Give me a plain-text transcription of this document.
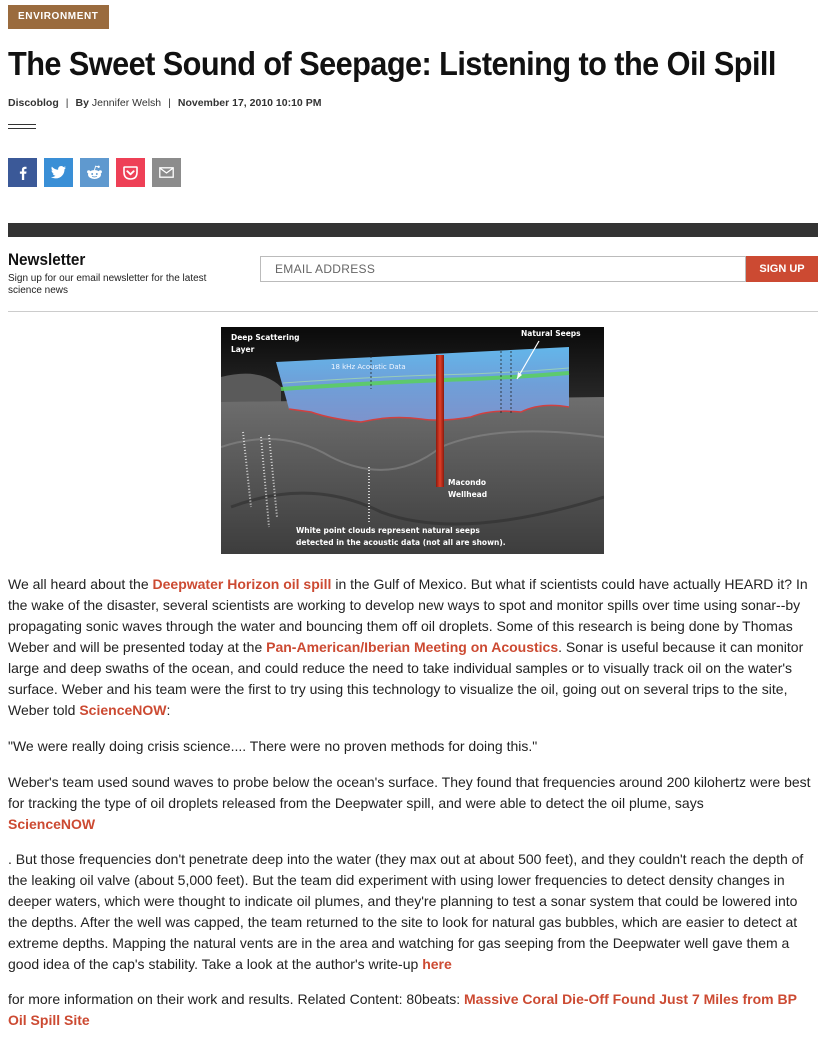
ENVIRONMENT
The Sweet Sound of Seepage: Listening to the Oil Spill
Discoblog | By Jennifer Welsh | November 17, 2010 10:10 PM
Newsletter
Sign up for our email newsletter for the latest science news
EMAIL ADDRESS
SIGN UP
Deep Scattering
Layer
Natural Seeps
Macondo
Wellhead
White point clouds represent natural seeps
detected in the acoustic data (not all are shown).
18 kHz Acoustic Data

We all heard about the Deepwater Horizon oil spill in the Gulf of Mexico. But what if scientists could have actually HEARD it? In the wake of the disaster, several scientists are working to develop new ways to spot and monitor spills over time using sonar--by propagating sonic waves through the water and bouncing them off oil droplets. Some of this research is being done by Thomas Weber and will be presented today at the Pan-American/Iberian Meeting on Acoustics. Sonar is useful because it can monitor large and deep swaths of the ocean, and could reduce the need to take individual samples or to visually track oil on the water's surface. Weber and his team were the first to try using this technology to visualize the oil, going out on several trips to the site, Weber told ScienceNOW:

"We were really doing crisis science.... There were no proven methods for doing this."

Weber's team used sound waves to probe below the ocean's surface. They found that frequencies around 200 kilohertz were best for tracking the type of oil droplets released from the Deepwater spill, and were able to detect the oil plume, says
ScienceNOW

. But those frequencies don't penetrate deep into the water (they max out at about 500 feet), and they couldn't reach the depth of the leaking oil valve (about 5,000 feet). But the team did experiment with using lower frequencies to detect density changes in deeper waters, which were thought to indicate oil plumes, and they're planning to test a sonar system that could be lowered into the depths. After the well was capped, the team returned to the site to look for natural gas bubbles, which are easier to detect at extreme depths. Mapping the natural vents are in the area and watching for gas seeping from the Deepwater well gave them a good idea of the cap's stability. Take a look at the author's write-up here

for more information on their work and results. Related Content: 80beats: Massive Coral Die-Off Found Just 7 Miles from BP Oil Spill Site
